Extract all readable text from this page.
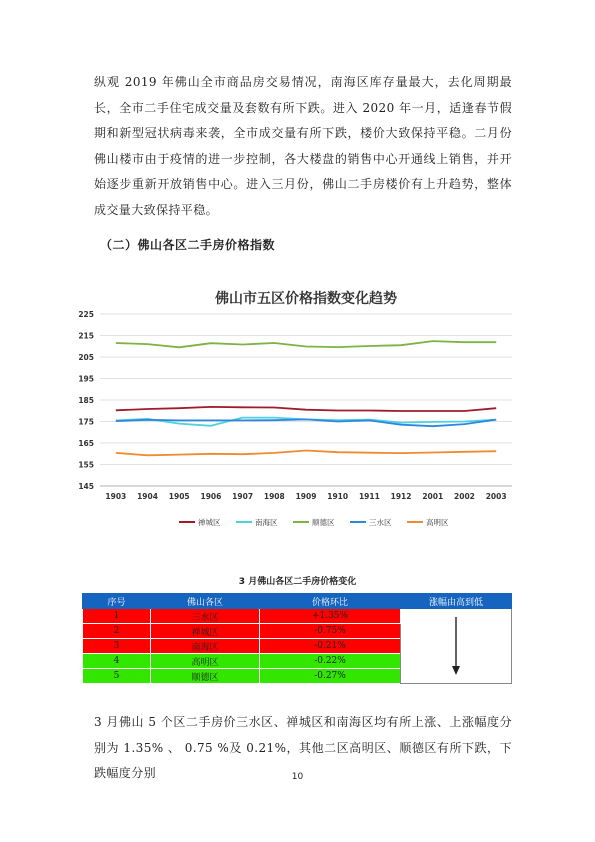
纵观 2019 年佛山全市商品房交易情况，南海区库存量最大，去化周期最长，全市二手住宅成交量及套数有所下跌。进入 2020 年一月，适逢春节假期和新型冠状病毒来袭，全市成交量有所下跌，楼价大致保持平稳。二月份佛山楼市由于疫情的进一步控制，各大楼盘的销售中心开通线上销售，并开始逐步重新开放销售中心。进入三月份，佛山二手房楼价有上升趋势，整体成交量大致保持平稳。

（二）佛山各区二手房价格指数
佛山市五区价格指数变化趋势
145
155
165
175
185
195
205
215
225
1903 1904 1905 1906 1907 1908 1909 1910 1911 1912 2001 2002 2003
禅城区	南海区	顺德区	三水区	高明区
3 月佛山各区二手房价格变化
序号	佛山各区	价格环比	涨幅由高到低
1	三水区	+1.35%	

2	禅城区	-0.75%	
3	南海区	-0.21%	
4	高明区	-0.22%	
5	顺德区	-0.27%	

3 月佛山 5 个区二手房价三水区、禅城区和南海区均有所上涨、上涨幅度分别为 1.35% 、 0.75 %及 0.21%，其他二区高明区、顺德区有所下跌，下跌幅度分别	10
